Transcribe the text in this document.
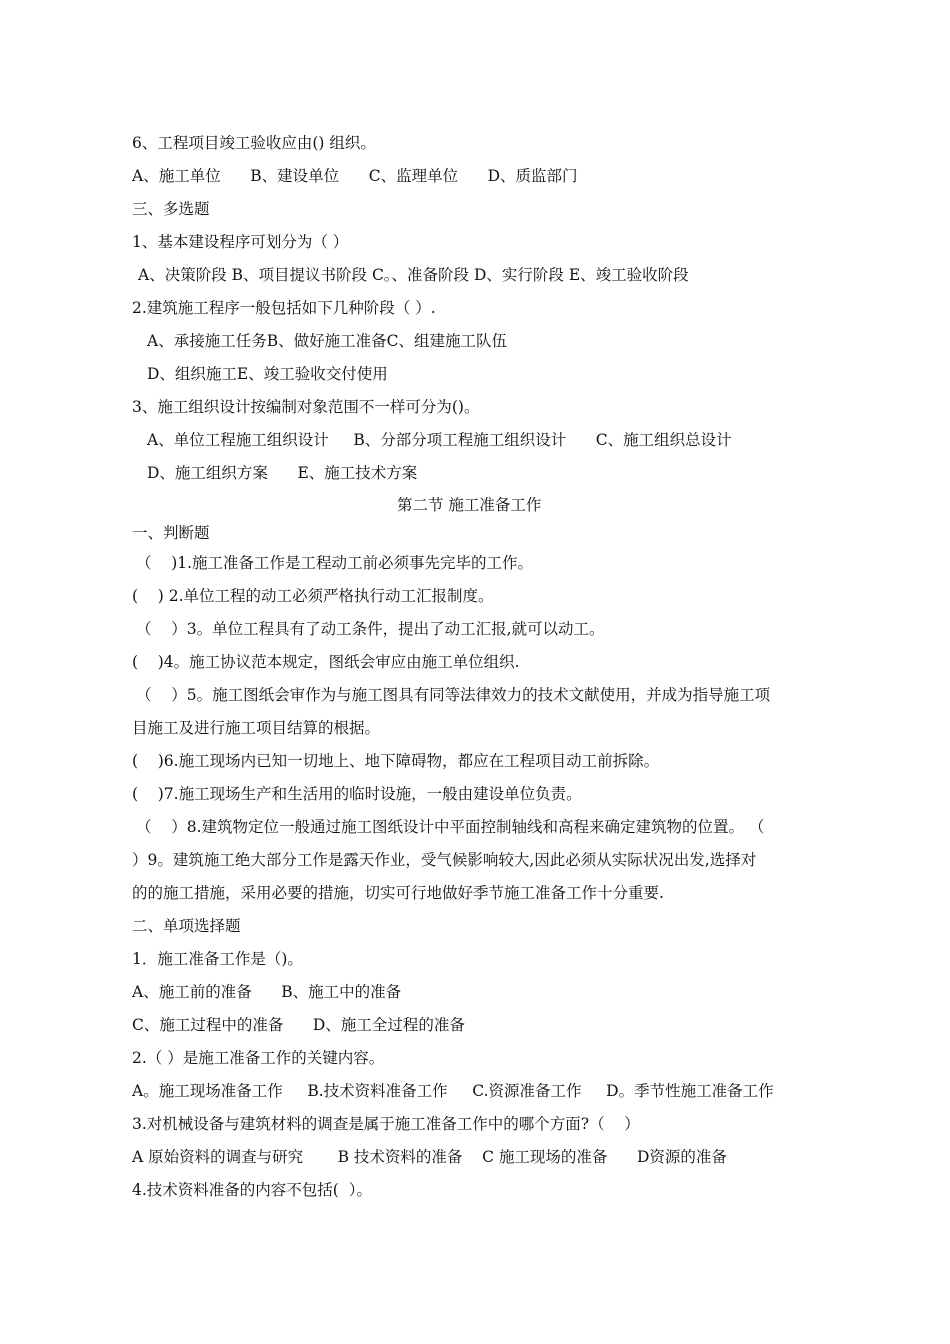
6、工程项目竣工验收应由() 组织。
A、施工单位      B、建设单位      C、监理单位      D、质监部门
三、多选题
1、基本建设程序可划分为（ ）
A、决策阶段 B、项目提议书阶段 C。、准备阶段 D、实行阶段 E、竣工验收阶段
2.建筑施工程序一般包括如下几种阶段（ ）.
A、承接施工任务B、做好施工准备C、组建施工队伍
D、组织施工E、竣工验收交付使用
3、施工组织设计按编制对象范围不一样可分为()。
A、单位工程施工组织设计     B、分部分项工程施工组织设计      C、施工组织总设计
D、施工组织方案      E、施工技术方案
第二节 施工准备工作
一、判断题
（    )1.施工准备工作是工程动工前必须事先完毕的工作。
(    ) 2.单位工程的动工必须严格执行动工汇报制度。
（    ）3。单位工程具有了动工条件，提出了动工汇报,就可以动工。
(    )4。施工协议范本规定，图纸会审应由施工单位组织.
（    ）5。施工图纸会审作为与施工图具有同等法律效力的技术文献使用，并成为指导施工项
目施工及进行施工项目结算的根据。
(    )6.施工现场内已知一切地上、地下障碍物，都应在工程项目动工前拆除。
(    )7.施工现场生产和生活用的临时设施，一般由建设单位负责。
（    ）8.建筑物定位一般通过施工图纸设计中平面控制轴线和高程来确定建筑物的位置。 （
）9。建筑施工绝大部分工作是露天作业，受气候影响较大,因此必须从实际状况出发,选择对
的的施工措施，采用必要的措施，切实可行地做好季节施工准备工作十分重要.
二、单项选择题
1．施工准备工作是（)。
A、施工前的准备      B、施工中的准备
C、施工过程中的准备      D、施工全过程的准备
2.（ ）是施工准备工作的关键内容。
A。施工现场准备工作     B.技术资料准备工作     C.资源准备工作     D。季节性施工准备工作
3.对机械设备与建筑材料的调查是属于施工准备工作中的哪个方面?（    ）
A 原始资料的调查与研究       B 技术资料的准备    C 施工现场的准备      D资源的准备
4.技术资料准备的内容不包括(  ）。
